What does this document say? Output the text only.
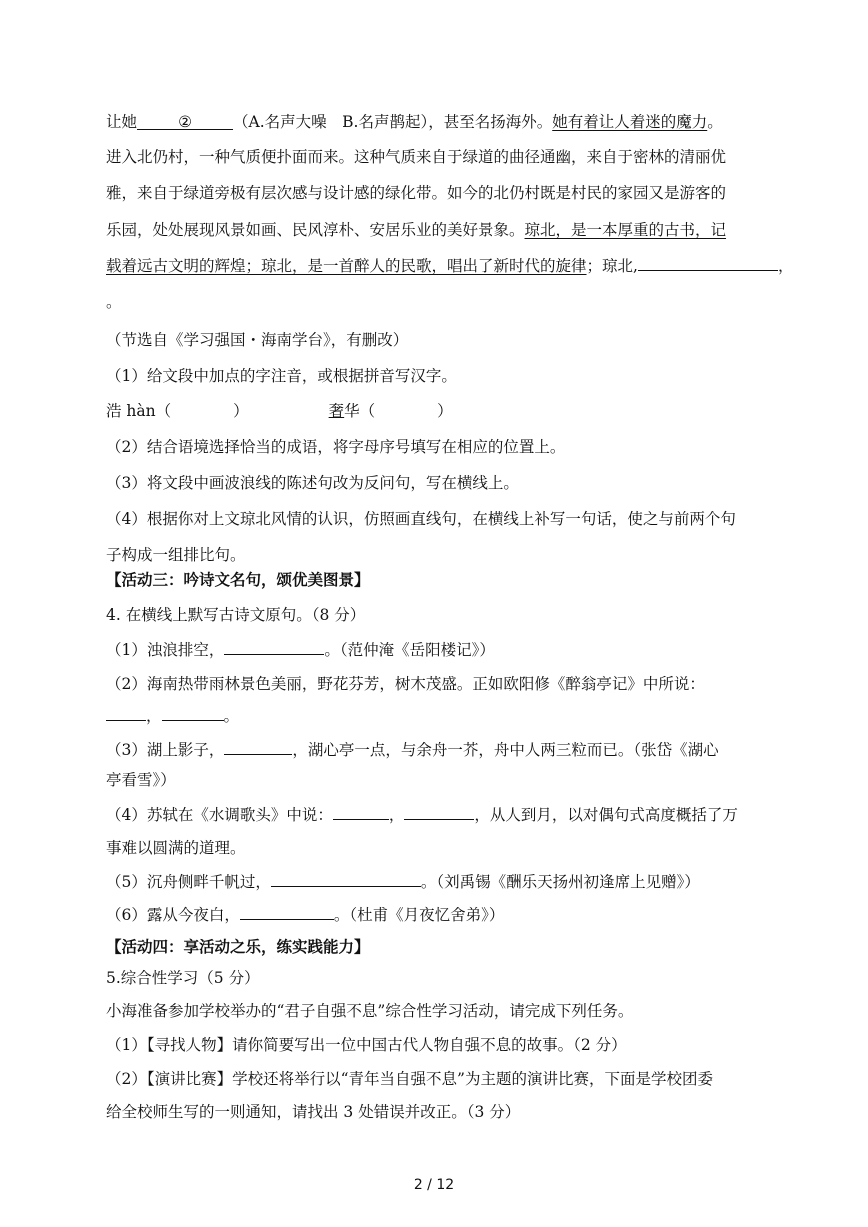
让她	②	（A.名声大噪　B.名声鹊起），甚至名扬海外。她有着让人着迷的魔力。
进入北仍村，一种气质便扑面而来。这种气质来自于绿道的曲径通幽，来自于密林的清丽优
雅，来自于绿道旁极有层次感与设计感的绿化带。如今的北仍村既是村民的家园又是游客的
乐园，处处展现风景如画、民风淳朴、安居乐业的美好景象。琼北，是一本厚重的古书，记
载着远古文明的辉煌；琼北，是一首醉人的民歌，唱出了新时代的旋律；琼北,	，
。
（节选自《学习强国・海南学台》，有删改）
（1）给文段中加点的字注音，或根据拼音写汉字。
浩 hàn（　　　　）	奢华（　　　　）
（2）结合语境选择恰当的成语，将字母序号填写在相应的位置上。
（3）将文段中画波浪线的陈述句改为反问句，写在横线上。
（4）根据你对上文琼北风情的认识，仿照画直线句，在横线上补写一句话，使之与前两个句
子构成一组排比句。
【活动三：吟诗文名句，颂优美图景】
4. 在横线上默写古诗文原句。（8 分）
（1）浊浪排空，	。（范仲淹《岳阳楼记》）
（2）海南热带雨林景色美丽，野花芬芳，树木茂盛。正如欧阳修《醉翁亭记》中所说：
，	。
（3）湖上影子，	，湖心亭一点，与余舟一芥，舟中人两三粒而已。（张岱《湖心
亭看雪》）
（4）苏轼在《水调歌头》中说：	，	，从人到月，以对偶句式高度概括了万
事难以圆满的道理。
（5）沉舟侧畔千帆过，	。（刘禹锡《酬乐天扬州初逢席上见赠》）
（6）露从今夜白，	。（杜甫《月夜忆舍弟》）
【活动四：享活动之乐，练实践能力】
5.综合性学习（5 分）
小海准备参加学校举办的“君子自强不息”综合性学习活动，请完成下列任务。
（1）【寻找人物】请你简要写出一位中国古代人物自强不息的故事。（2 分）
（2）【演讲比赛】学校还将举行以“青年当自强不息”为主题的演讲比赛，下面是学校团委
给全校师生写的一则通知，请找出 3 处错误并改正。（3 分）
2 / 12
